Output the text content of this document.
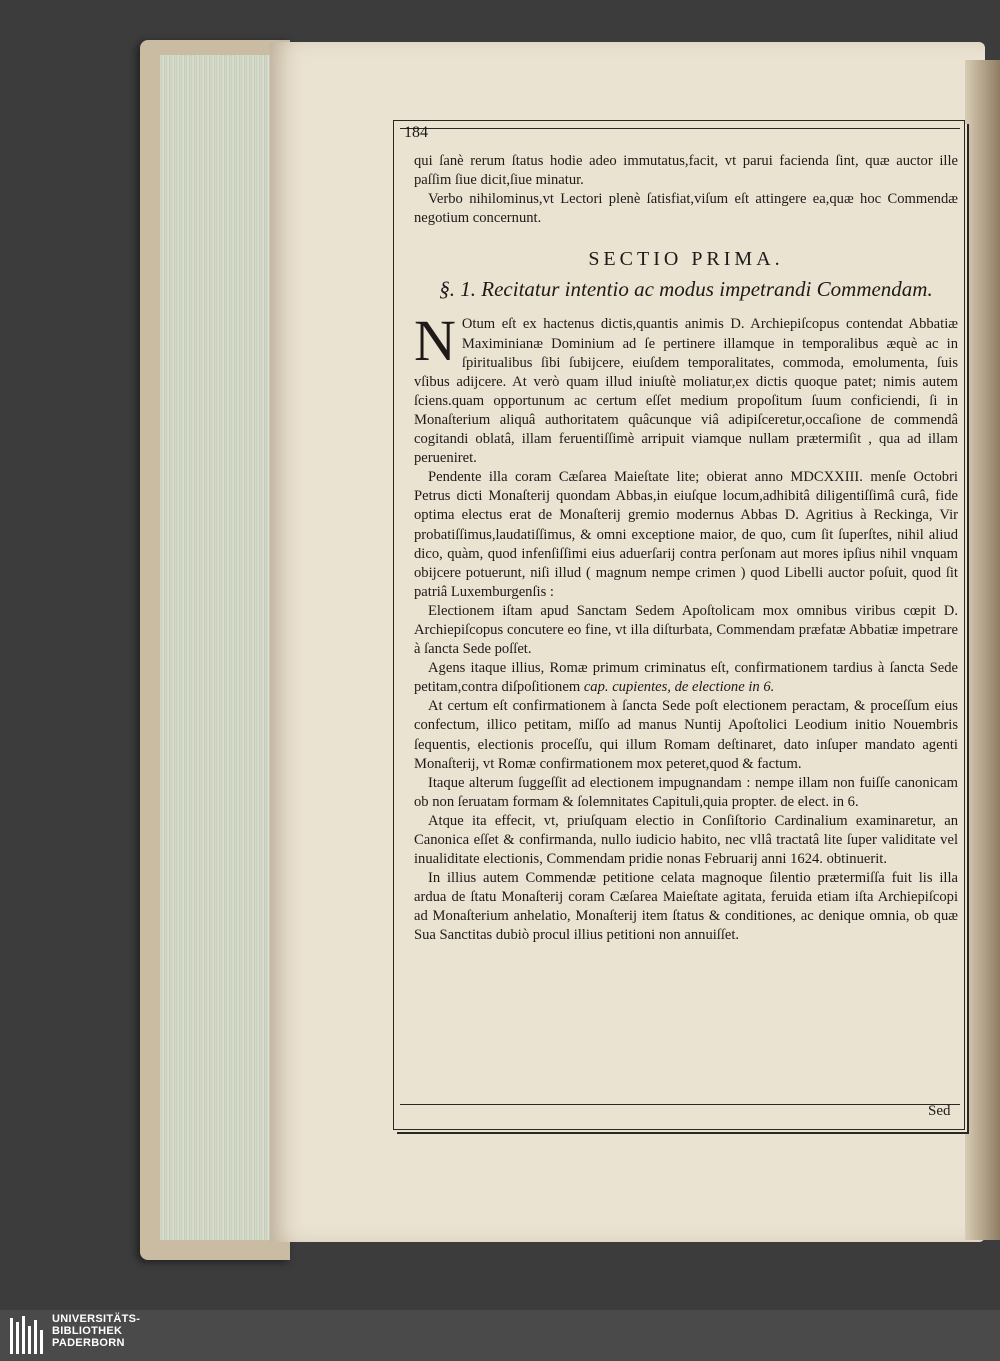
184

qui ſanè rerum ſtatus hodie adeo immutatus,facit, vt parui facienda ſint, quæ auctor ille paſſim ſiue dicit,ſiue minatur.

Verbo nihilominus,vt Lectori plenè ſatisfiat,viſum eſt attingere ea,quæ hoc Commendæ negotium concernunt.

SECTIO PRIMA.
§. 1. Recitatur intentio ac modus impetrandi Commendam.

N Otum eſt ex hactenus dictis,quantis animis D. Archiepiſcopus contendat Abbatiæ Maximinianæ Dominium ad ſe pertinere illamque in temporalibus æquè ac in ſpiritualibus ſibi ſubijcere, eiuſdem temporalitates, commoda, emolumenta, ſuis vſibus adijcere. At verò quam illud iniuſtè moliatur,ex dictis quoque patet; nimis autem ſciens.quam opportunum ac certum eſſet medium propoſitum ſuum conficiendi, ſi in Monaſterium aliquâ authoritatem quâcunque viâ adipiſceretur,occaſione de commendâ cogitandi oblatâ, illam feruentiſſimè arripuit viamque nullam prætermiſit , qua ad illam perueniret.

Pendente illa coram Cæſarea Maieſtate lite; obierat anno MDCXXIII. menſe Octobri Petrus dicti Monaſterij quondam Abbas,in eiuſque locum,adhibitâ diligentiſſimâ curâ, fide optima electus erat de Monaſterij gremio modernus Abbas D. Agritius à Reckinga, Vir probatiſſimus,laudatiſſimus, & omni exceptione maior, de quo, cum ſit ſuperſtes, nihil aliud dico, quàm, quod infenſiſſimi eius aduerſarij contra perſonam aut mores ipſius nihil vnquam obijcere potuerunt, niſi illud ( magnum nempe crimen ) quod Libelli auctor poſuit, quod ſit patriâ Luxemburgenſis :

Electionem iſtam apud Sanctam Sedem Apoſtolicam mox omnibus viribus cœpit D. Archiepiſcopus concutere eo fine, vt illa diſturbata, Commendam præfatæ Abbatiæ impetrare à ſancta Sede poſſet.

Agens itaque illius, Romæ primum criminatus eſt, confirmationem tardius à ſancta Sede petitam,contra diſpoſitionem cap. cupientes, de electione in 6.

At certum eſt confirmationem à ſancta Sede poſt electionem peractam, & proceſſum eius confectum, illico petitam, miſſo ad manus Nuntij Apoſtolici Leodium initio Nouembris ſequentis, electionis proceſſu, qui illum Romam deſtinaret, dato inſuper mandato agenti Monaſterij, vt Romæ confirmationem mox peteret,quod & factum.

Itaque alterum ſuggeſſit ad electionem impugnandam : nempe illam non fuiſſe canonicam ob non ſeruatam formam & ſolemnitates Capituli,quia propter. de elect. in 6.

Atque ita effecit, vt, priuſquam electio in Conſiſtorio Cardinalium examinaretur, an Canonica eſſet & confirmanda, nullo iudicio habito, nec vllâ tractatâ lite ſuper validitate vel inualiditate electionis, Commendam pridie nonas Februarij anni 1624. obtinuerit.

In illius autem Commendæ petitione celata magnoque ſilentio prætermiſſa fuit lis illa ardua de ſtatu Monaſterij coram Cæſarea Maieſtate agitata, feruida etiam iſta Archiepiſcopi ad Monaſterium anhelatio, Monaſterij item ſtatus & conditiones, ac denique omnia, ob quæ Sua Sanctitas dubiò procul illius petitioni non annuiſſet.

Sed
UNIVERSITÄTS-
BIBLIOTHEK
PADERBORN
